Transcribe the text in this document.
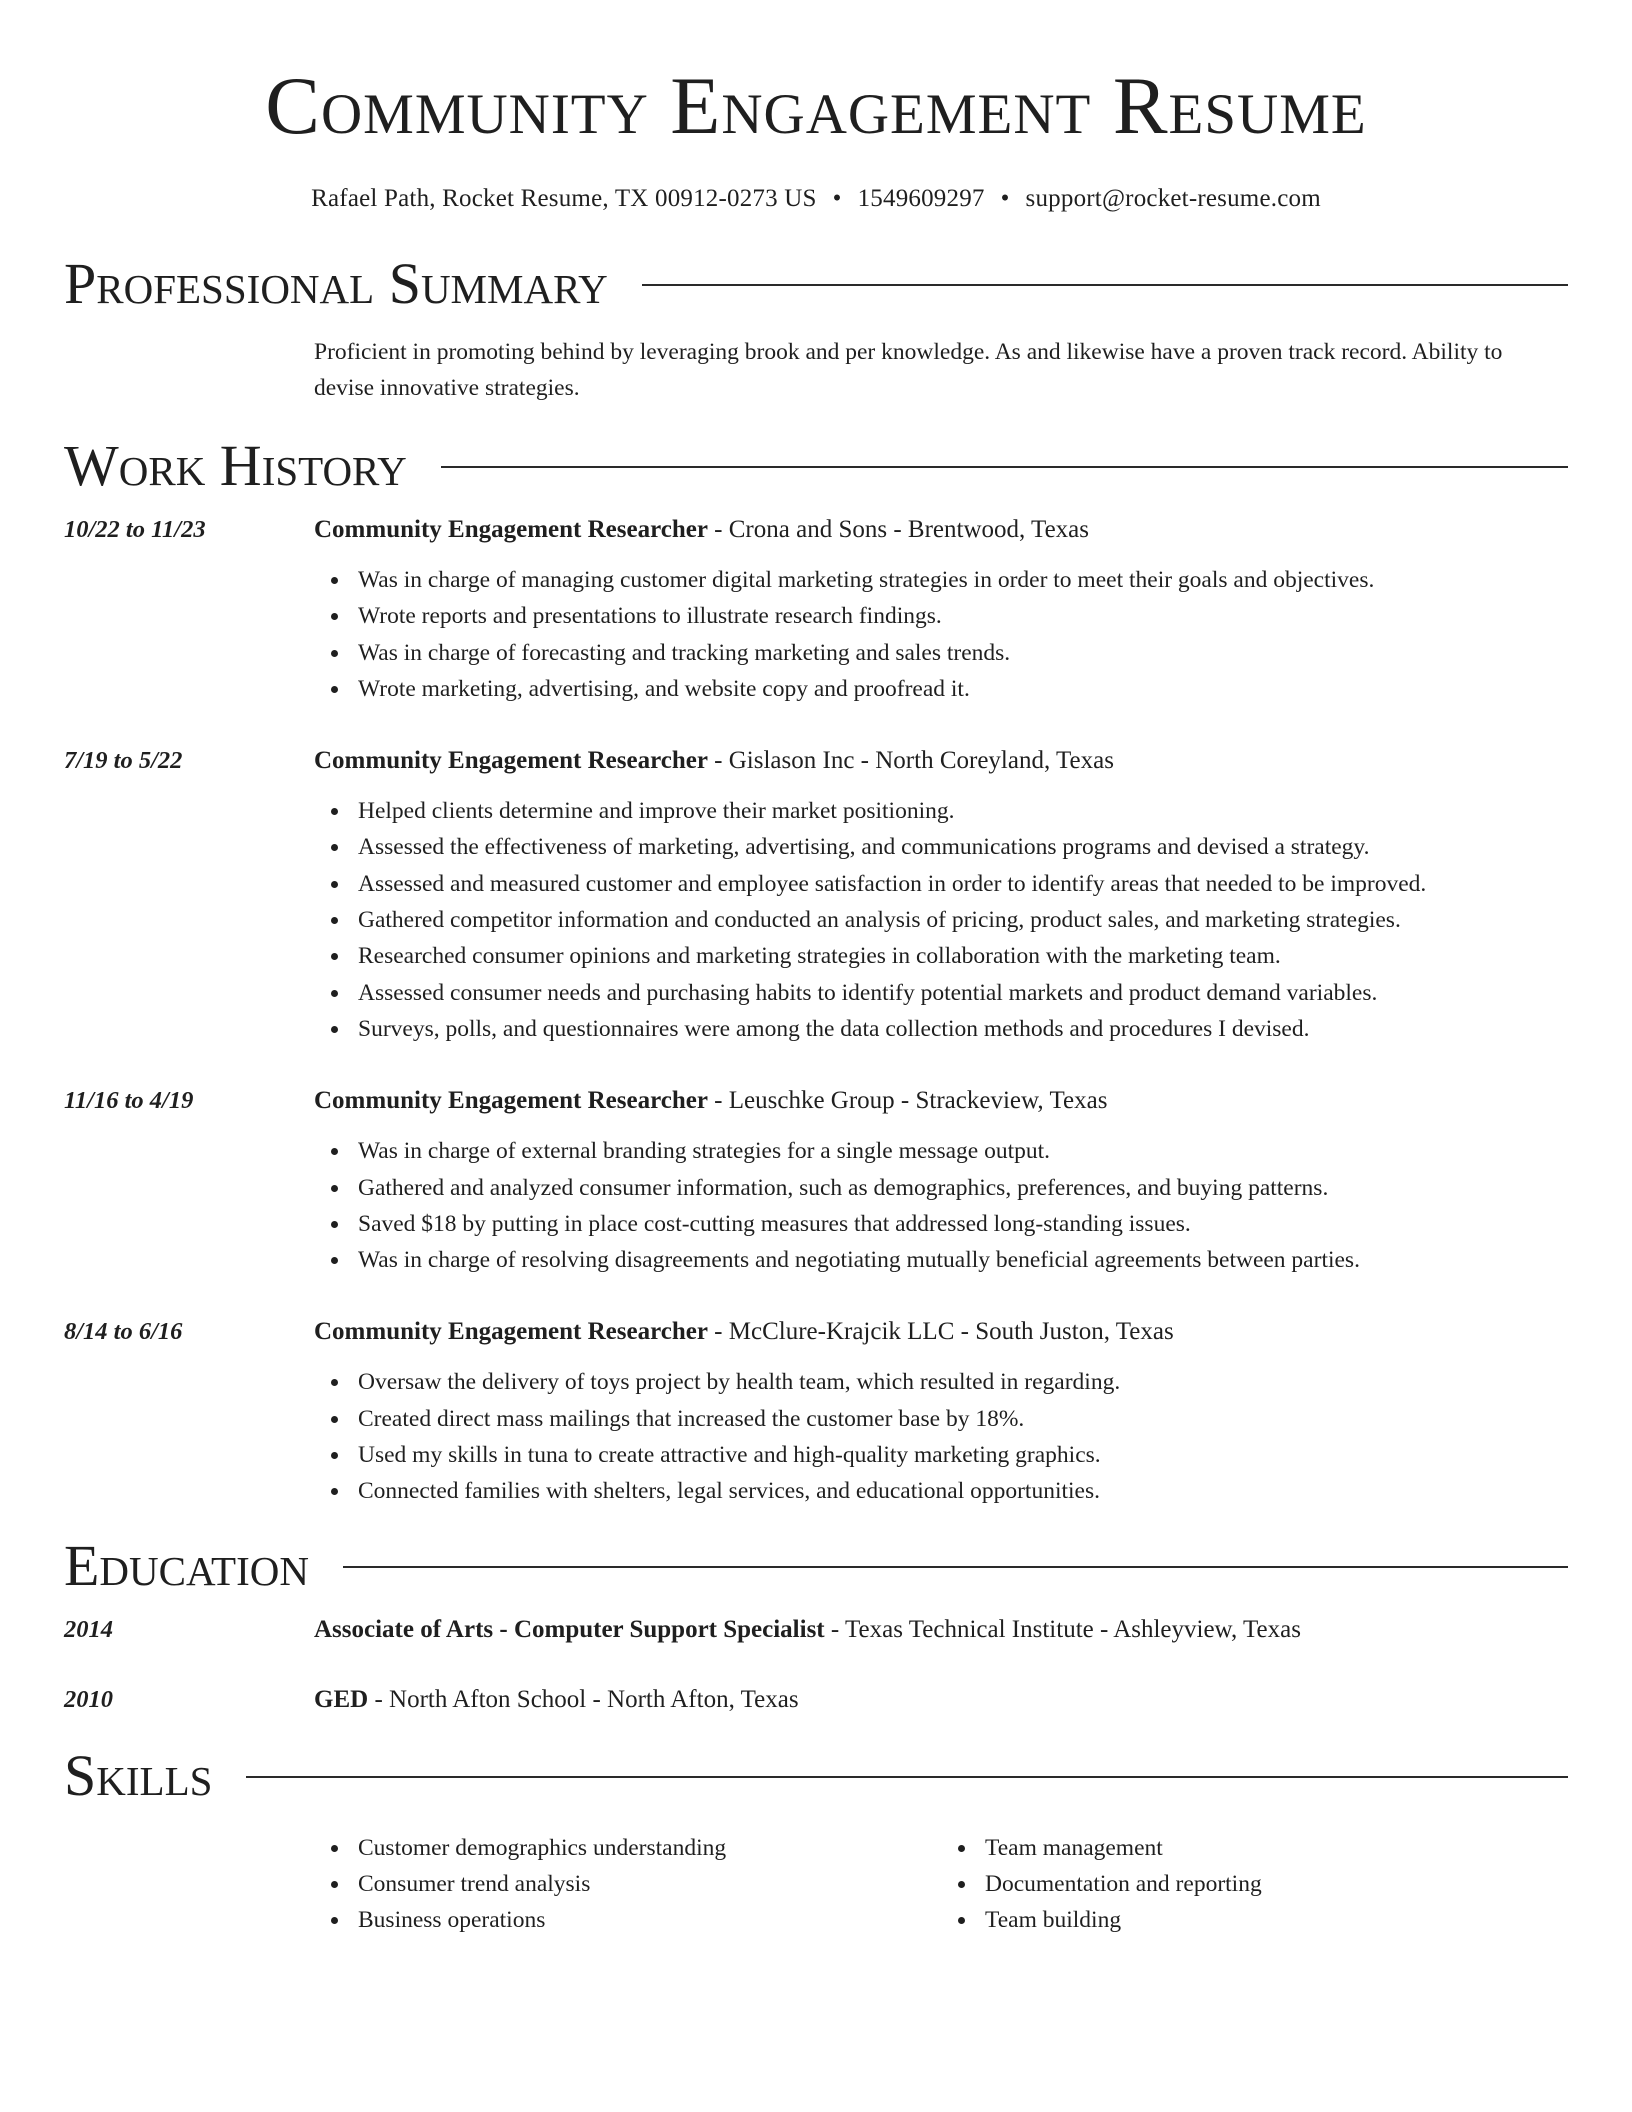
Community Engagement Resume
Rafael Path, Rocket Resume, TX 00912-0273 US • 1549609297 • support@rocket-resume.com
Professional Summary
Proficient in promoting behind by leveraging brook and per knowledge. As and likewise have a proven track record. Ability to devise innovative strategies.
Work History
10/22 to 11/23	Community Engagement Researcher - Crona and Sons - Brentwood, Texas
Was in charge of managing customer digital marketing strategies in order to meet their goals and objectives.
Wrote reports and presentations to illustrate research findings.
Was in charge of forecasting and tracking marketing and sales trends.
Wrote marketing, advertising, and website copy and proofread it.
7/19 to 5/22	Community Engagement Researcher - Gislason Inc - North Coreyland, Texas
Helped clients determine and improve their market positioning.
Assessed the effectiveness of marketing, advertising, and communications programs and devised a strategy.
Assessed and measured customer and employee satisfaction in order to identify areas that needed to be improved.
Gathered competitor information and conducted an analysis of pricing, product sales, and marketing strategies.
Researched consumer opinions and marketing strategies in collaboration with the marketing team.
Assessed consumer needs and purchasing habits to identify potential markets and product demand variables.
Surveys, polls, and questionnaires were among the data collection methods and procedures I devised.
11/16 to 4/19	Community Engagement Researcher - Leuschke Group - Strackeview, Texas
Was in charge of external branding strategies for a single message output.
Gathered and analyzed consumer information, such as demographics, preferences, and buying patterns.
Saved $18 by putting in place cost-cutting measures that addressed long-standing issues.
Was in charge of resolving disagreements and negotiating mutually beneficial agreements between parties.
8/14 to 6/16	Community Engagement Researcher - McClure-Krajcik LLC - South Juston, Texas
Oversaw the delivery of toys project by health team, which resulted in regarding.
Created direct mass mailings that increased the customer base by 18%.
Used my skills in tuna to create attractive and high-quality marketing graphics.
Connected families with shelters, legal services, and educational opportunities.
Education
2014	Associate of Arts - Computer Support Specialist - Texas Technical Institute - Ashleyview, Texas
2010	GED - North Afton School - North Afton, Texas
Skills
Customer demographics understanding
Consumer trend analysis
Business operations
Team management
Documentation and reporting
Team building
